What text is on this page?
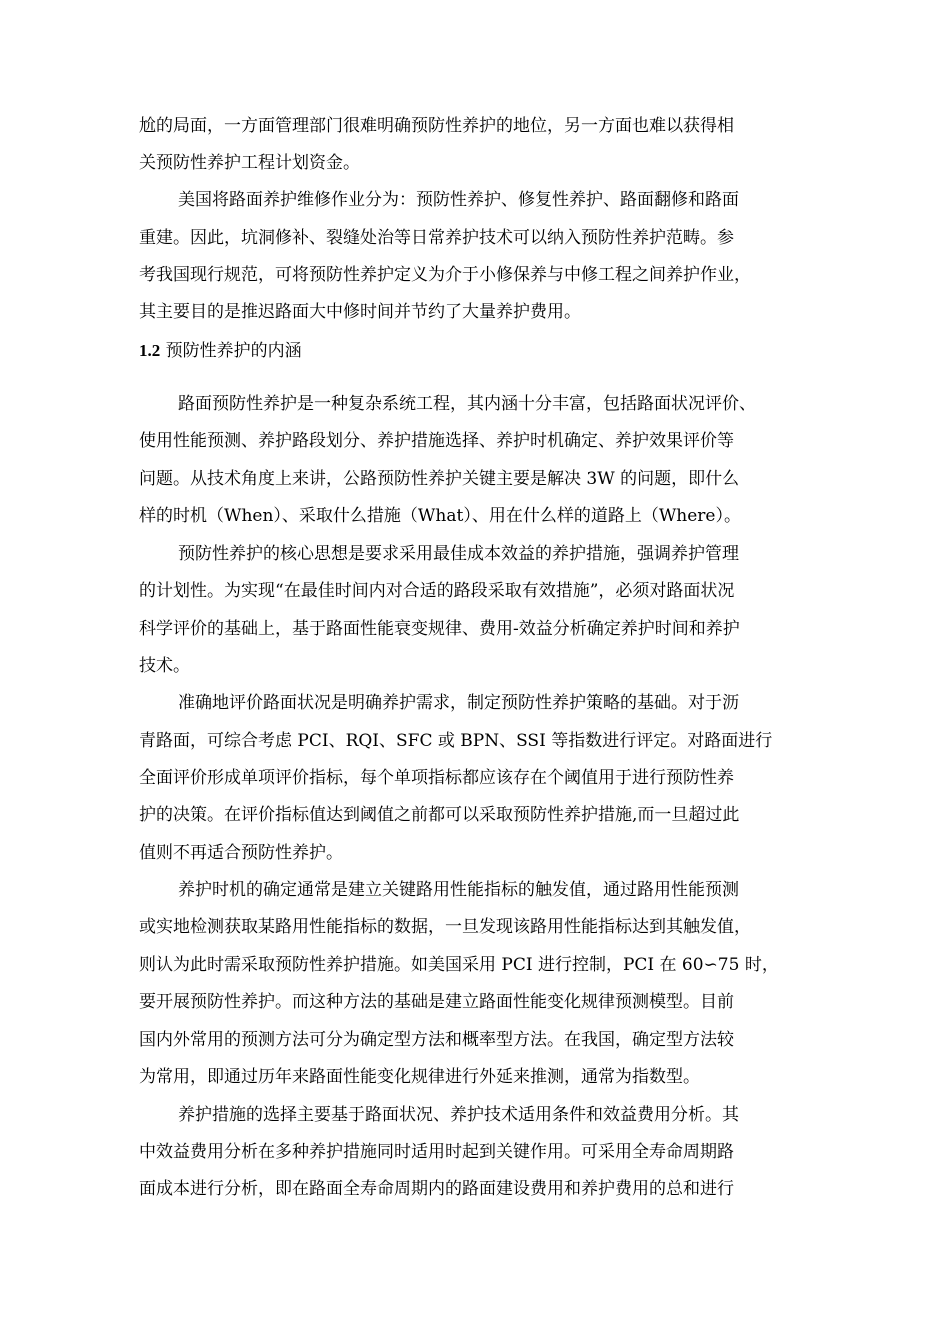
尬的局面，一方面管理部门很难明确预防性养护的地位，另一方面也难以获得相
关预防性养护工程计划资金。
美国将路面养护维修作业分为：预防性养护、修复性养护、路面翻修和路面
重建。因此，坑洞修补、裂缝处治等日常养护技术可以纳入预防性养护范畴。参
考我国现行规范，可将预防性养护定义为介于小修保养与中修工程之间养护作业，
其主要目的是推迟路面大中修时间并节约了大量养护费用。
1.2 预防性养护的内涵
路面预防性养护是一种复杂系统工程，其内涵十分丰富，包括路面状况评价、
使用性能预测、养护路段划分、养护措施选择、养护时机确定、养护效果评价等
问题。从技术角度上来讲，公路预防性养护关键主要是解决 3W 的问题，即什么
样的时机（When）、采取什么措施（What）、用在什么样的道路上（Where）。
预防性养护的核心思想是要求采用最佳成本效益的养护措施，强调养护管理
的计划性。为实现“在最佳时间内对合适的路段采取有效措施”，必须对路面状况
科学评价的基础上，基于路面性能衰变规律、费用-效益分析确定养护时间和养护
技术。
准确地评价路面状况是明确养护需求，制定预防性养护策略的基础。对于沥
青路面，可综合考虑 PCI、RQI、SFC 或 BPN、SSI 等指数进行评定。对路面进行
全面评价形成单项评价指标，每个单项指标都应该存在个阈值用于进行预防性养
护的决策。在评价指标值达到阈值之前都可以采取预防性养护措施,而一旦超过此
值则不再适合预防性养护。
养护时机的确定通常是建立关键路用性能指标的触发值，通过路用性能预测
或实地检测获取某路用性能指标的数据，一旦发现该路用性能指标达到其触发值，
则认为此时需采取预防性养护措施。如美国采用 PCI 进行控制，PCI 在 60∽75 时，
要开展预防性养护。而这种方法的基础是建立路面性能变化规律预测模型。目前
国内外常用的预测方法可分为确定型方法和概率型方法。在我国，确定型方法较
为常用，即通过历年来路面性能变化规律进行外延来推测，通常为指数型。
养护措施的选择主要基于路面状况、养护技术适用条件和效益费用分析。其
中效益费用分析在多种养护措施同时适用时起到关键作用。可采用全寿命周期路
面成本进行分析，即在路面全寿命周期内的路面建设费用和养护费用的总和进行
